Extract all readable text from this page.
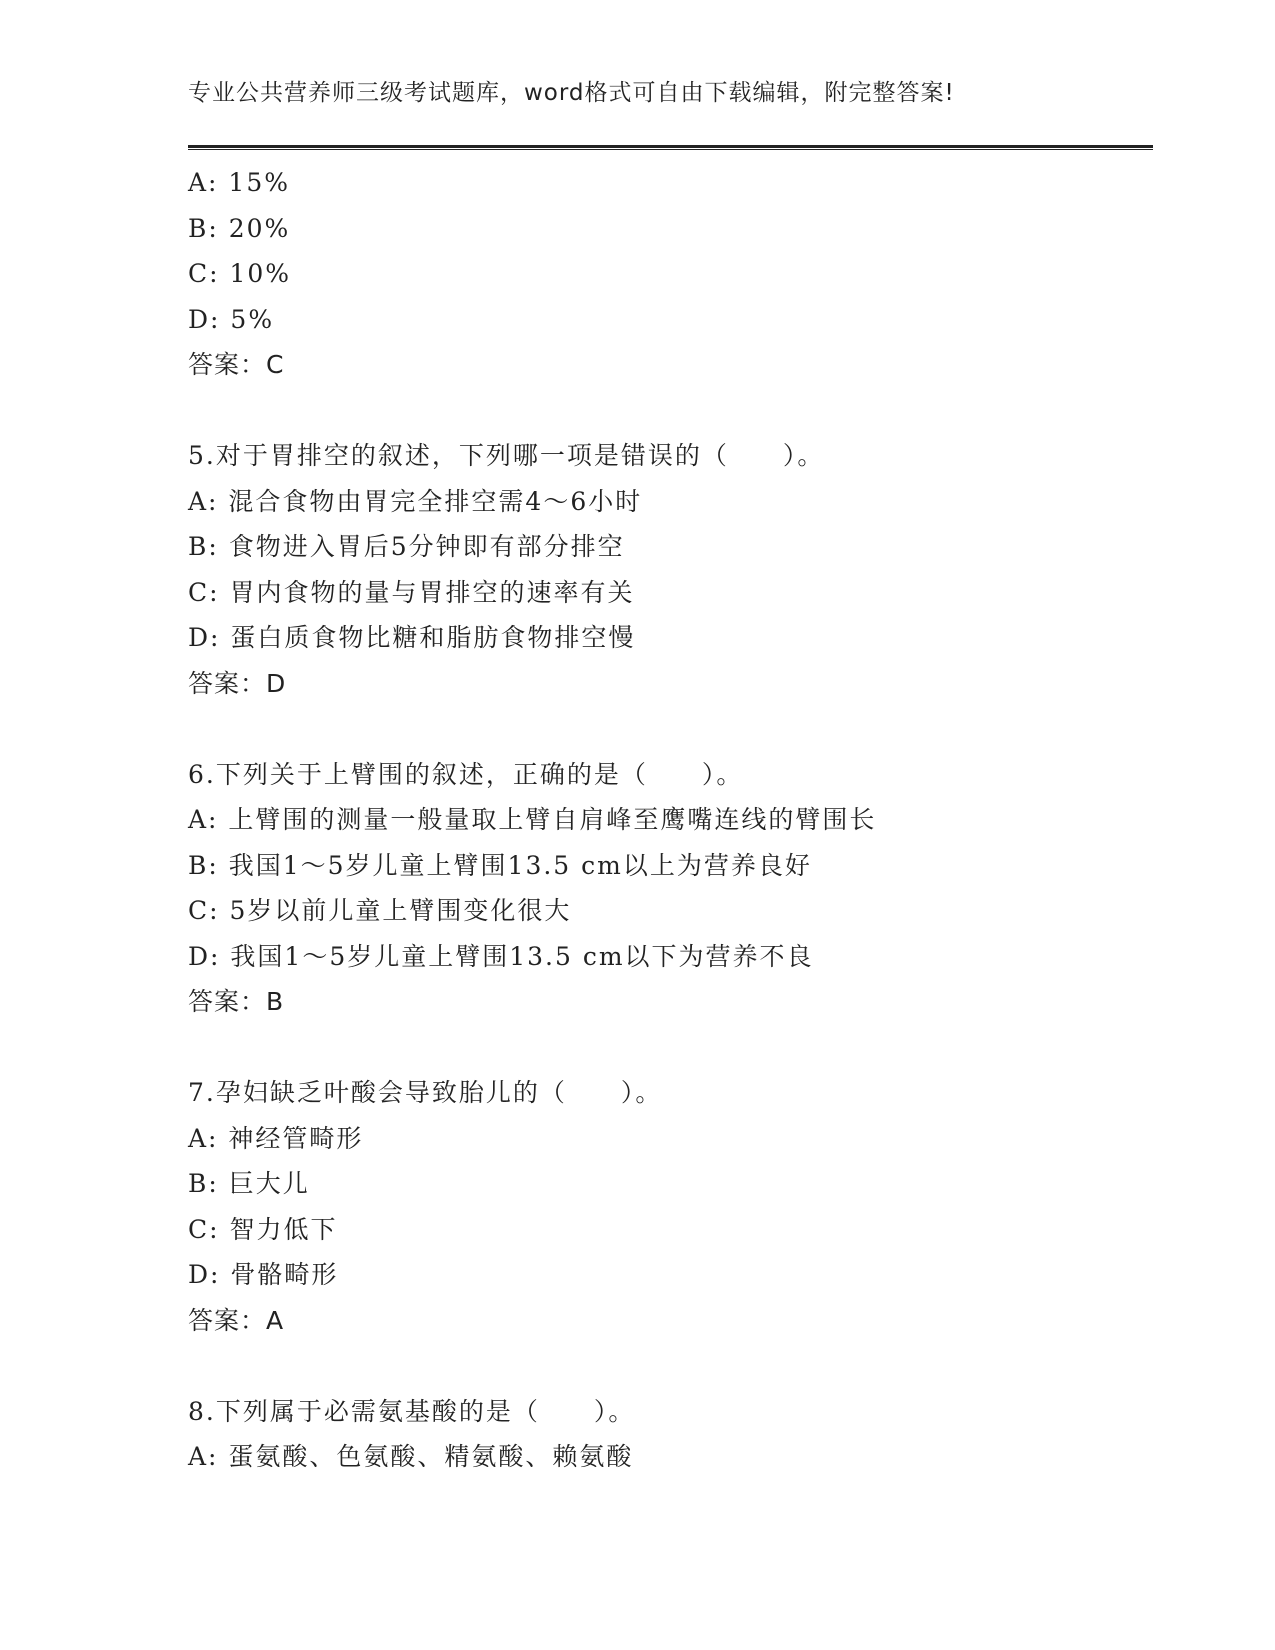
专业公共营养师三级考试题库，word格式可自由下载编辑，附完整答案!
A: 15%
B: 20%
C: 10%
D: 5%
答案：C
5.对于胃排空的叙述，下列哪一项是错误的（　　）。
A: 混合食物由胃完全排空需4～6小时
B: 食物进入胃后5分钟即有部分排空
C: 胃内食物的量与胃排空的速率有关
D: 蛋白质食物比糖和脂肪食物排空慢
答案：D
6.下列关于上臂围的叙述，正确的是（　　）。
A: 上臂围的测量一般量取上臂自肩峰至鹰嘴连线的臂围长
B: 我国1～5岁儿童上臂围13.5 cm以上为营养良好
C: 5岁以前儿童上臂围变化很大
D: 我国1～5岁儿童上臂围13.5 cm以下为营养不良
答案：B
7.孕妇缺乏叶酸会导致胎儿的（　　）。
A: 神经管畸形
B: 巨大儿
C: 智力低下
D: 骨骼畸形
答案：A
8.下列属于必需氨基酸的是（　　）。
A: 蛋氨酸、色氨酸、精氨酸、赖氨酸
